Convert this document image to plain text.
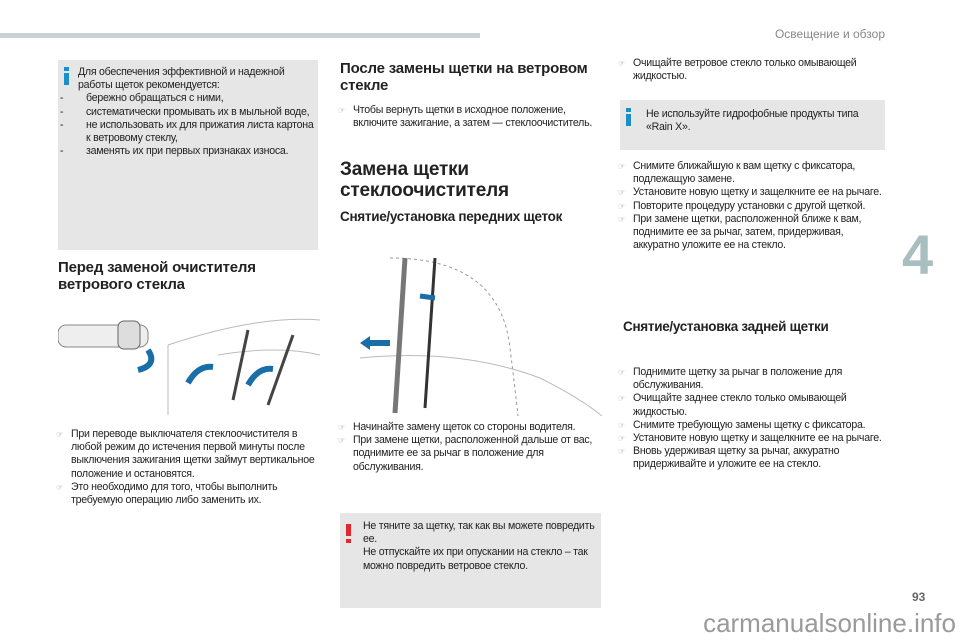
Освещение и обзор
4
Для обеспечения эффективной и надежной работы щеток рекомендуется:
- бережно обращаться с ними,
- систематически промывать их в мыльной воде,
- не использовать их для прижатия листа картона к ветровому стеклу,
- заменять их при первых признаках износа.
Перед заменой очистителя ветрового стекла
☞ При переводе выключателя стеклоочистителя в любой режим до истечения первой минуты после выключения зажигания щетки займут вертикальное положение и остановятся.
☞ Это необходимо для того, чтобы выполнить требуемую операцию либо заменить их.
После замены щетки на ветровом стекле
☞ Чтобы вернуть щетки в исходное положение, включите зажигание, а затем — стеклоочиститель.
Замена щетки стеклоочистителя
Снятие/установка передних щеток
☞ Начинайте замену щеток со стороны водителя.
☞ При замене щетки, расположенной дальше от вас, поднимите ее за рычаг в положение для обслуживания.
Не тяните за щетку, так как вы можете повредить ее.
Не отпускайте их при опускании на стекло – так можно повредить ветровое стекло.
☞ Очищайте ветровое стекло только омывающей жидкостью.
Не используйте гидрофобные продукты типа «Rain X».
☞ Снимите ближайшую к вам щетку с фиксатора, подлежащую замене.
☞ Установите новую щетку и защелкните ее на рычаге.
☞ Повторите процедуру установки с другой щеткой.
☞ При замене щетки, расположенной ближе к вам, поднимите ее за рычаг, затем, придерживая, аккуратно уложите ее на стекло.
Снятие/установка задней щетки
☞ Поднимите щетку за рычаг в положение для обслуживания.
☞ Очищайте заднее стекло только омывающей жидкостью.
☞ Снимите требующую замены щетку с фиксатора.
☞ Установите новую щетку и защелкните ее на рычаге.
☞ Вновь удерживая щетку за рычаг, аккуратно придерживайте и уложите ее на стекло.
93
carmanualsonline.info
